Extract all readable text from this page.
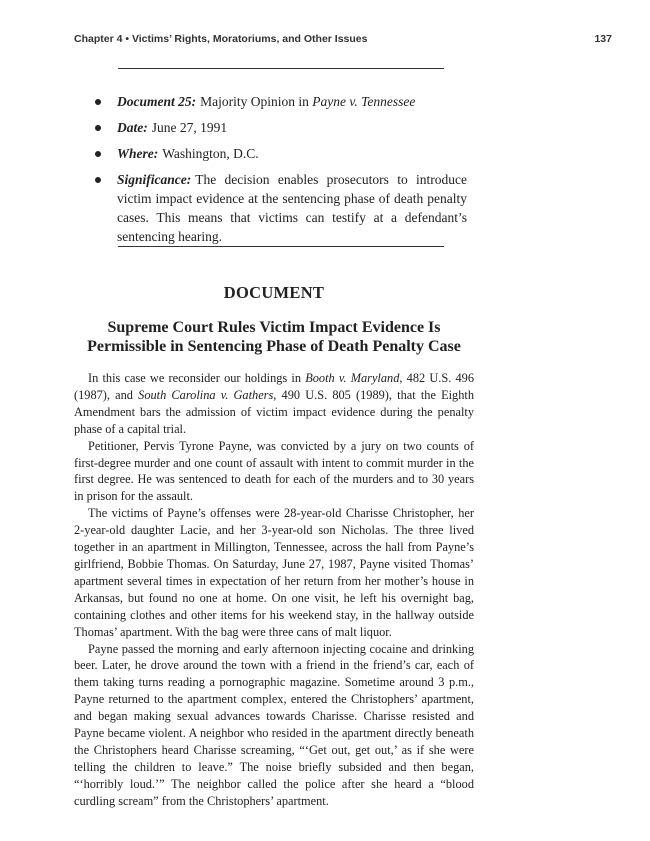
Chapter 4 • Victims’ Rights, Moratoriums, and Other Issues	137
Document 25: Majority Opinion in Payne v. Tennessee
Date: June 27, 1991
Where: Washington, D.C.
Significance: The decision enables prosecutors to introduce victim impact evidence at the sentencing phase of death penalty cases. This means that victims can testify at a defendant’s sentencing hearing.
DOCUMENT
Supreme Court Rules Victim Impact Evidence Is
Permissible in Sentencing Phase of Death Penalty Case

In this case we reconsider our holdings in Booth v. Maryland, 482 U.S. 496 (1987), and South Carolina v. Gathers, 490 U.S. 805 (1989), that the Eighth Amendment bars the admission of victim impact evidence during the penalty phase of a capital trial.

Petitioner, Pervis Tyrone Payne, was convicted by a jury on two counts of first-degree murder and one count of assault with intent to commit murder in the first degree. He was sentenced to death for each of the murders and to 30 years in prison for the assault.

The victims of Payne’s offenses were 28-year-old Charisse Christopher, her 2-year-old daughter Lacie, and her 3-year-old son Nicholas. The three lived together in an apartment in Millington, Tennessee, across the hall from Payne’s girlfriend, Bobbie Thomas. On Saturday, June 27, 1987, Payne visited Thomas’ apartment several times in expectation of her return from her mother’s house in Arkansas, but found no one at home. On one visit, he left his overnight bag, containing clothes and other items for his weekend stay, in the hallway outside Thomas’ apartment. With the bag were three cans of malt liquor.

Payne passed the morning and early afternoon injecting cocaine and drinking beer. Later, he drove around the town with a friend in the friend’s car, each of them taking turns reading a pornographic magazine. Sometime around 3 p.m., Payne returned to the apartment complex, entered the Christophers’ apartment, and began making sexual advances towards Charisse. Charisse resisted and Payne became violent. A neighbor who resided in the apartment directly beneath the Christophers heard Charisse screaming, “‘Get out, get out,’ as if she were telling the children to leave.” The noise briefly subsided and then began, “‘horribly loud.’” The neighbor called the police after she heard a “blood curdling scream” from the Christophers’ apartment.
